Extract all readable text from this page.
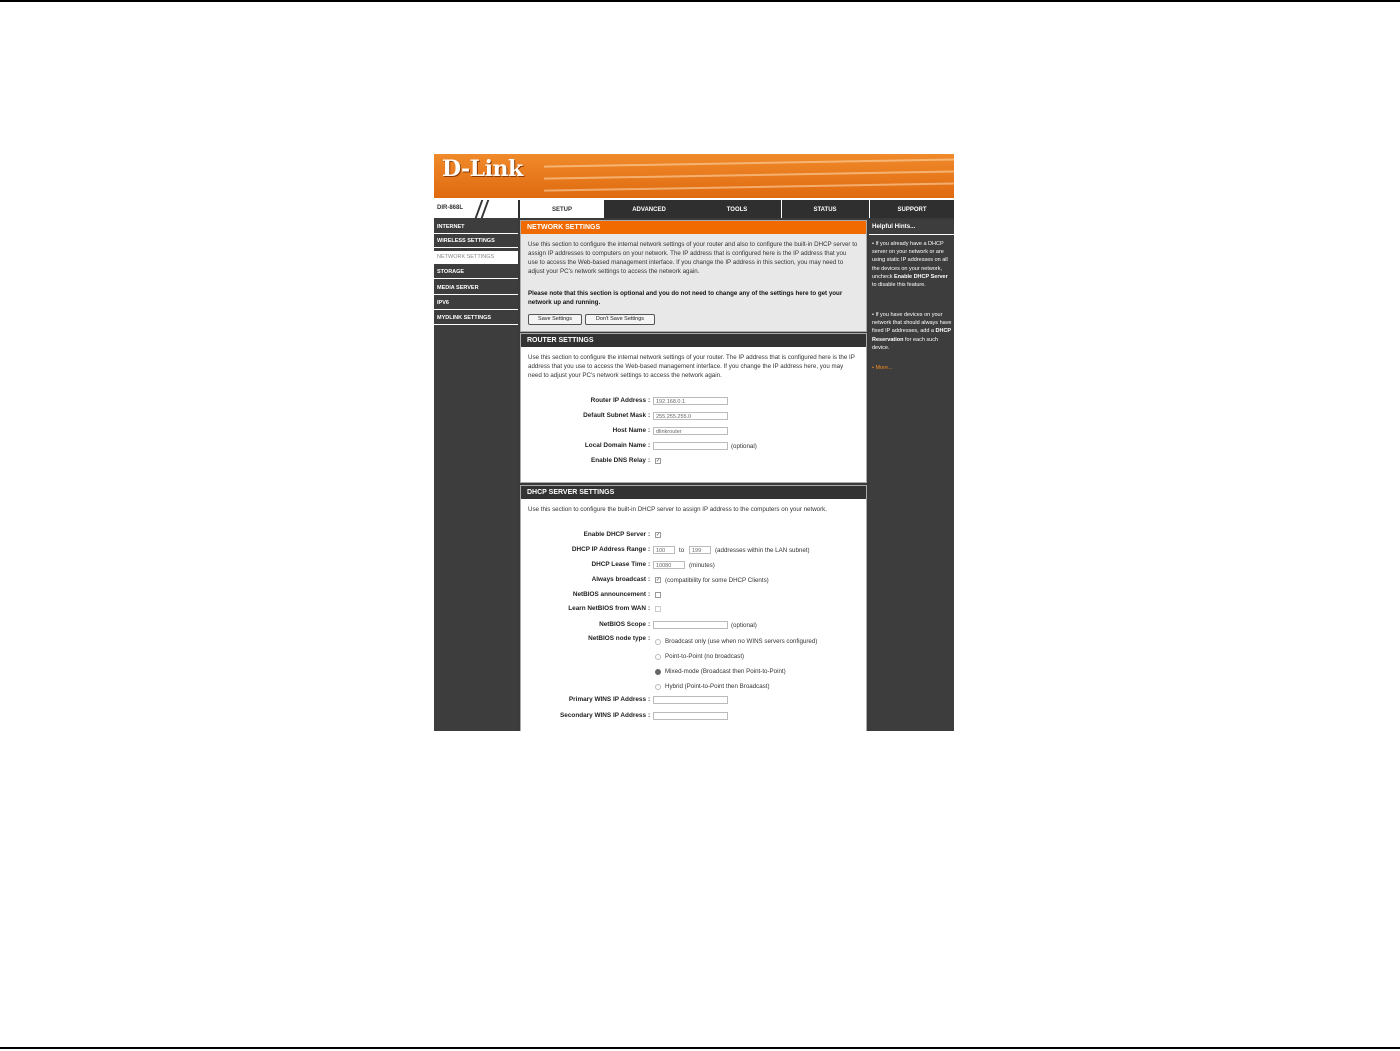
D-Link
DIR-868L	SETUP	ADVANCED	TOOLS	STATUS	SUPPORT
INTERNET
WIRELESS SETTINGS
NETWORK SETTINGS
STORAGE
MEDIA SERVER
IPV6
MYDLINK SETTINGS
NETWORK SETTINGS
Use this section to configure the internal network settings of your router and also to configure the built-in DHCP server to assign IP addresses to computers on your network. The IP address that is configured here is the IP address that you use to access the Web-based management interface. If you change the IP address in this section, you may need to adjust your PC's network settings to access the network again.
Please note that this section is optional and you do not need to change any of the settings here to get your network up and running.
Save Settings	Don't Save Settings
ROUTER SETTINGS
Use this section to configure the internal network settings of your router. The IP address that is configured here is the IP address that you use to access the Web-based management interface. If you change the IP address here, you may need to adjust your PC's network settings to access the network again.
Router IP Address :	192.168.0.1
Default Subnet Mask :	255.255.255.0
Host Name :	dlinkrouter
Local Domain Name :	(optional)
Enable DNS Relay : ✓
DHCP SERVER SETTINGS
Use this section to configure the built-in DHCP server to assign IP address to the computers on your network.
Enable DHCP Server : ✓
DHCP IP Address Range :	100	to	199	(addresses within the LAN subnet)
DHCP Lease Time :	10080	(minutes)
Always broadcast : ✓ (compatibility for some DHCP Clients)
NetBIOS announcement :
Learn NetBIOS from WAN :
NetBIOS Scope :	(optional)
NetBIOS node type : Broadcast only (use when no WINS servers configured)
Point-to-Point (no broadcast)
Mixed-mode (Broadcast then Point-to-Point)
Hybrid (Point-to-Point then Broadcast)
Primary WINS IP Address :
Secondary WINS IP Address :
Helpful Hints...
• If you already have a DHCP server on your network or are using static IP addresses on all the devices on your network, uncheck Enable DHCP Server to disable this feature.
• If you have devices on your network that should always have fixed IP addresses, add a DHCP Reservation for each such device.
• More...
